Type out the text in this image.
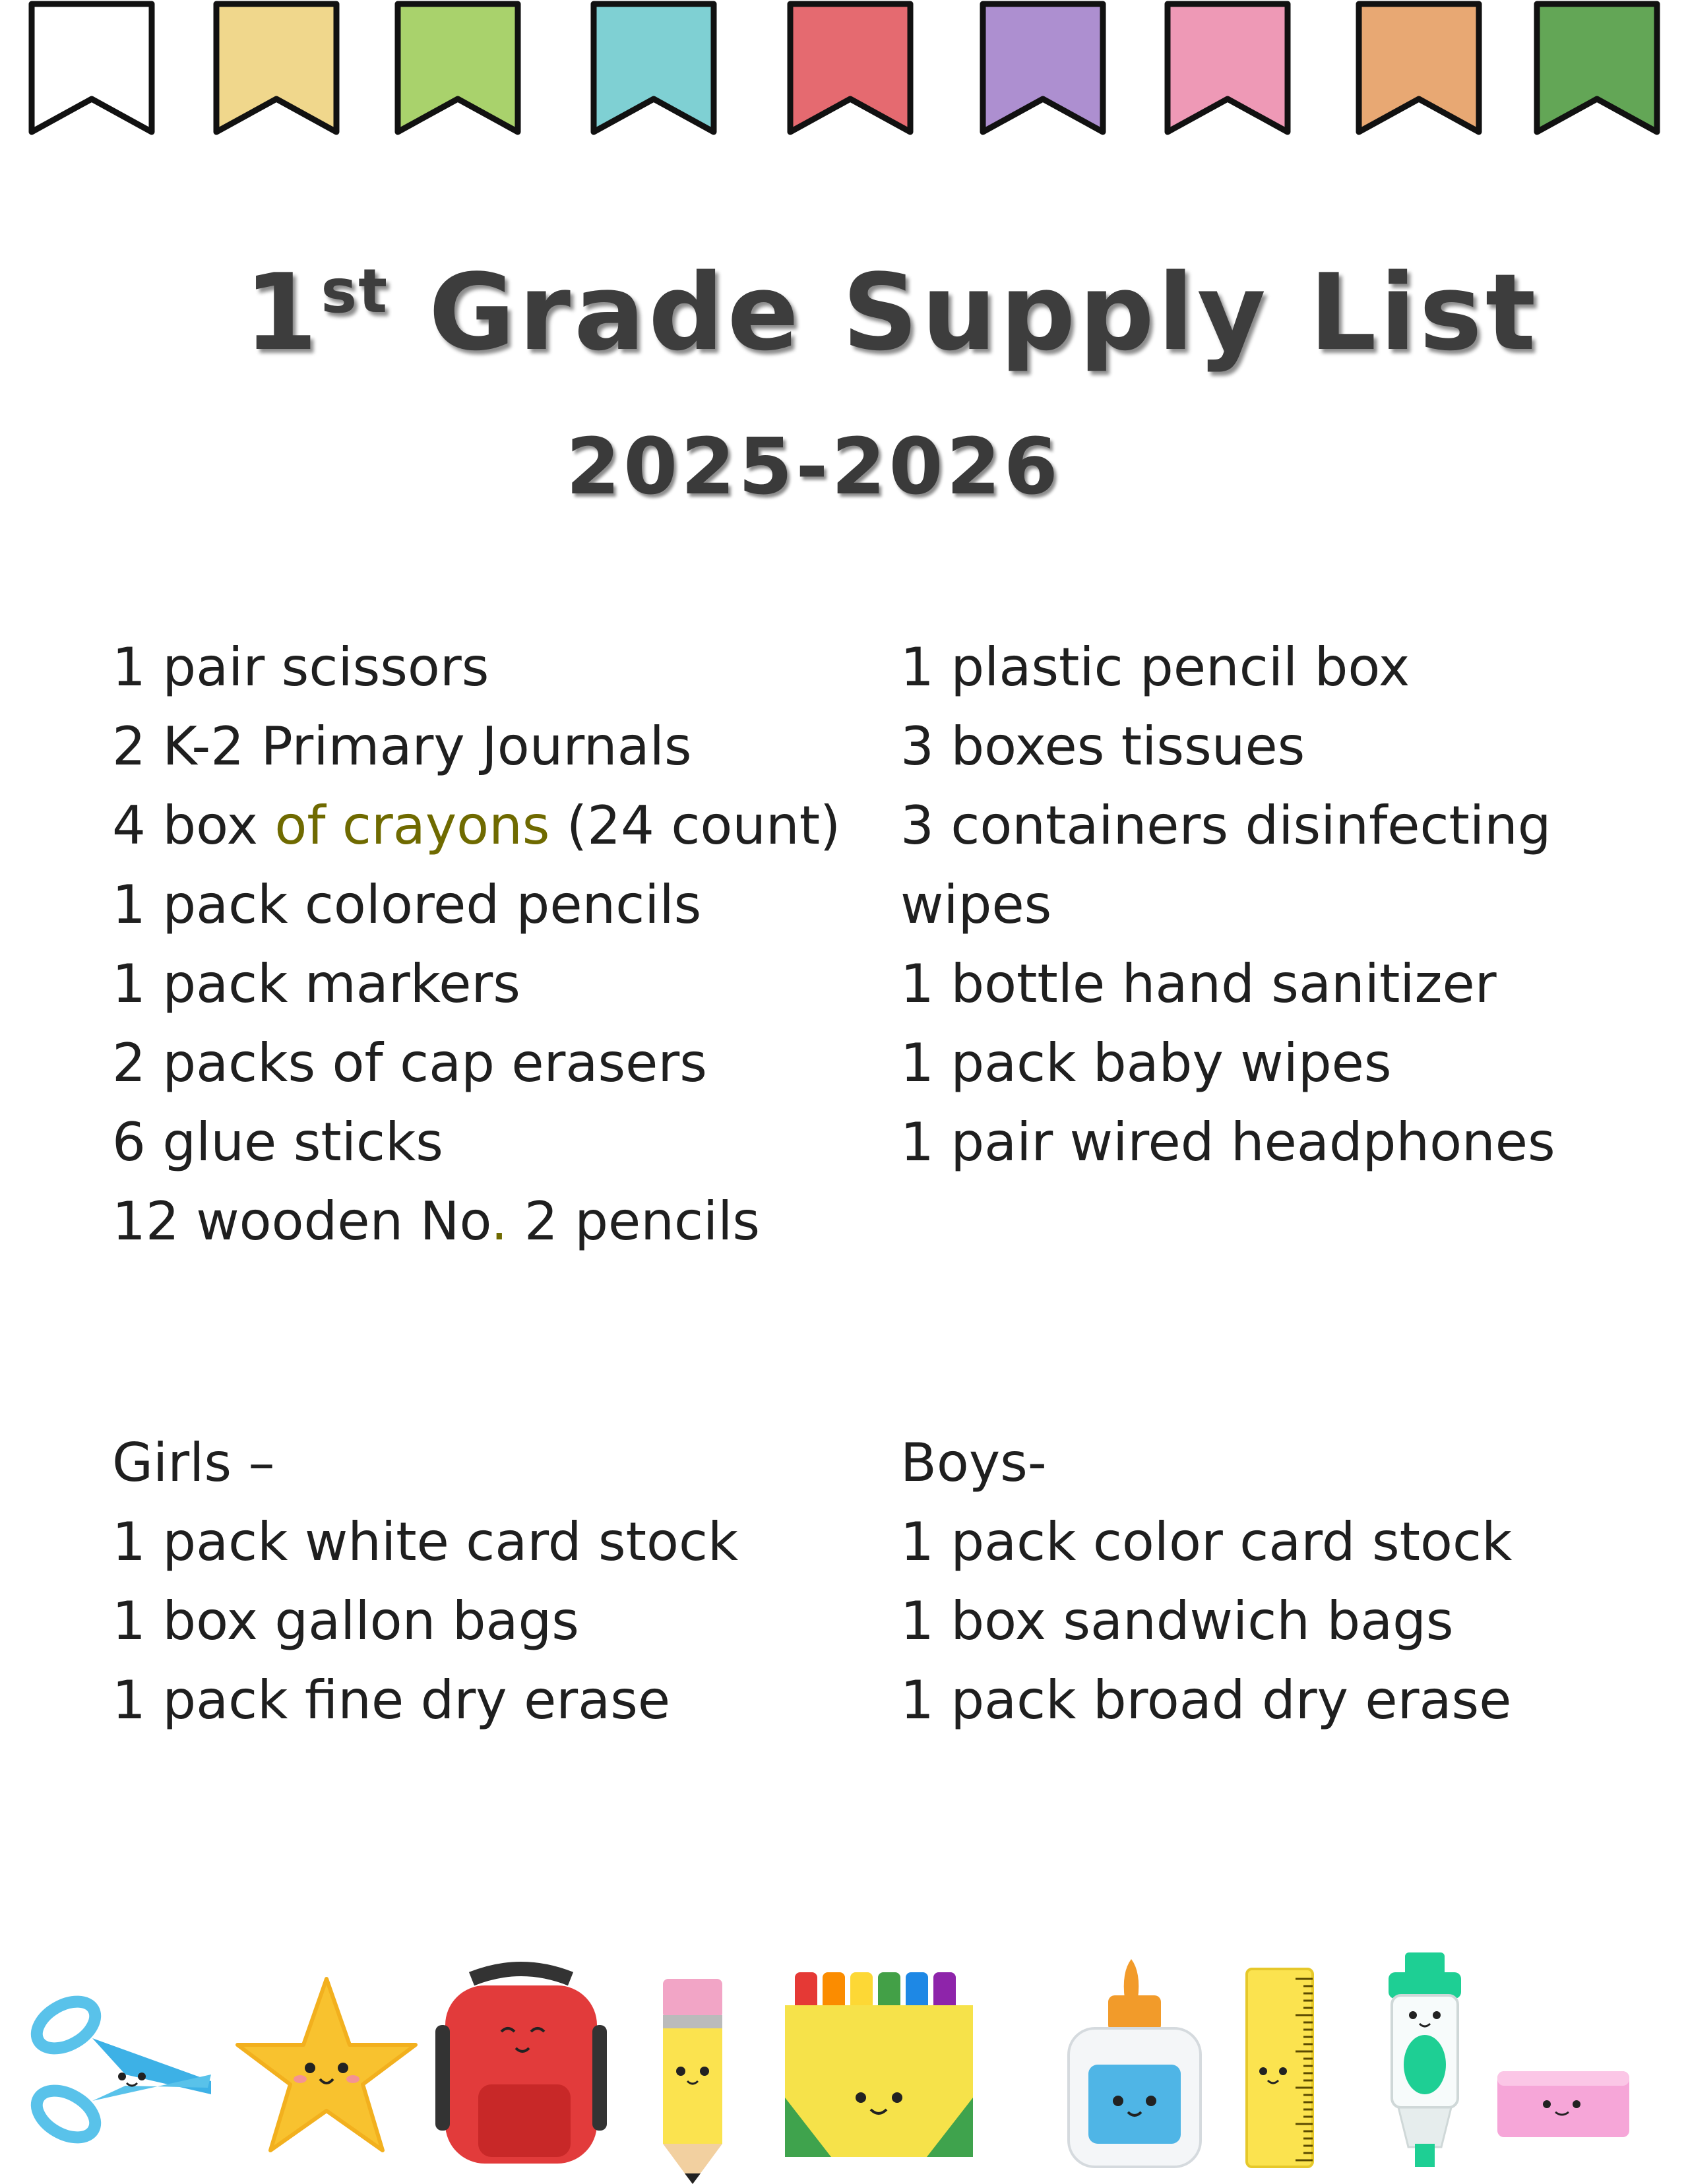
1st Grade Supply List
2025-2026
1 pair scissors
2 K-2 Primary Journals
4 box of crayons (24 count)
1 pack colored pencils
1 pack markers
2 packs of cap erasers
6 glue sticks
12 wooden No. 2 pencils
1 plastic pencil box
3 boxes tissues
3 containers disinfecting
wipes
1 bottle hand sanitizer
1 pack baby wipes
1 pair wired headphones
Girls –
1 pack white card stock
1 box gallon bags
1 pack fine dry erase
Boys-
1 pack color card stock
1 box sandwich bags
1 pack broad dry erase
